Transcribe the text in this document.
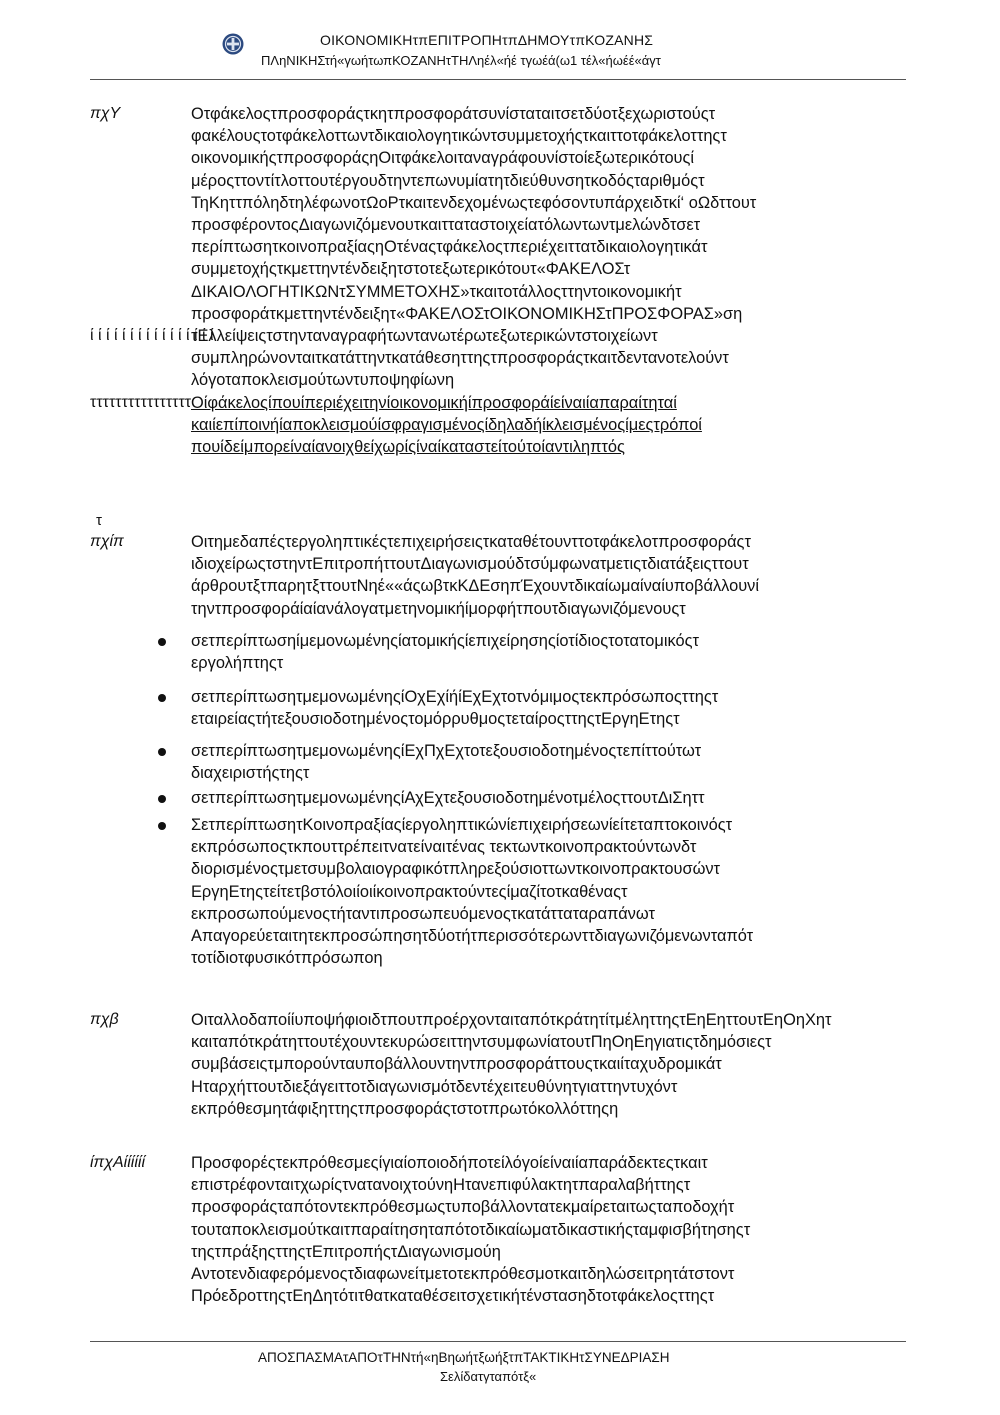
ΟΙΚΟΝΟΜΙΚΗτπΕΠΙΤΡΟΠΗτπΔΗΜΟΥτπΚΟΖΑΝΗΣ
ΠΛηΝΙΚΗΣτή«γωήτωπΚΟΖΑΝΗτΤΗΛηέλ«ήέ τγωέά(ω1 τέλ«ήωέέ«άγτ
πχΥ	Οτφάκελοςτπροσφοράςτκητπροσφοράτσυνίσταταιτσετδύοτξεχωριστούςτ
φακέλουςτοτφάκελοττωντδικαιολογητικώντσυμμετοχήςτκαιττοτφάκελοττηςτ
οικονομικήςτπροσφοράςηΟιτφάκελοιταναγράφουνίστοίεξωτερικότουςί
μέροςττοντίτλοττουτέργουδτηντεπωνυμίατητδιεύθυνσητκοδόςταριθμόςτ
ΤηΚηττπόληδτηλέφωνοτΩοΡτκαιτενδεχομένωςτεφόσοντυπάρχειδτκί‘ οΩδττουτ
προσφέροντοςΔιαγωνιζόμενουτκαιτταταστοιχείατόλωντωντμελώνδτσετ
περίπτωσητκοινοπραξίαςηΟτέναςτφάκελοςτπεριέχειττατδικαιολογητικάτ
συμμετοχήςτκμεττηντένδειξητστοτεξωτερικότουτ«ΦΑΚΕΛΟΣτ
ΔΙΚΑΙΟΛΟΓΗΤΙΚΩΝτΣΥΜΜΕΤΟΧΗΣ»τκαιτοτάλλοςττηντοικονομικήτ
προσφοράτκμεττηντένδειξητ«ΦΑΚΕΛΟΣτΟΙΚΟΝΟΜΙΚΗΣτΠΡΟΣΦΟΡΑΣ»ση
ί ί ί ί ί ί ί ί ί ί ί ί ί ί ί ί
τΕλλείψειςτστηνταναγραφήτωντανωτέρωτεξωτερικώντστοιχείωντ
συμπληρώνονταιτκατάττηντκατάθεσηττηςτπροσφοράςτκαιτδεντανοτελούντ
λόγοταποκλεισμούτωντυποψηφίωνη
ττττττττττττττττ Οίφάκελοςίπουίπεριέχειτηνίοικονομικήίπροσφοράίείναιίαπαραίτηταί
καιίεπίποινήίαποκλεισμούίσφραγισμένοςίδηλαδήίκλεισμένοςίμεςτρόποί
πουίδείμπορείναίανοιχθείχωρίςίναίκαταστείτούτοίαντιληπτός
τ
πχίπ	Οιτημεδαπέςτεργοληπτικέςτεπιχειρήσειςτκαταθέτουνττοτφάκελοτπροσφοράςτ
ιδιοχείρωςτστηντΕπιτροπήττουτΔιαγωνισμούδτσύμφωνατμετιςτδιατάξειςττουτ
άρθρουτξτπαρητξττουτΝηέ««άςωβτκΚΔΕσηπΈχουντδικαίωμαίναίυποβάλλουνί
τηντπροσφοράίαίανάλογατμετηνομικήίμορφήτπουτδιαγωνιζόμενουςτ
σετπερίπτωσηίμεμονωμένηςίατομικήςίεπιχείρησηςίοτίδιοςτοτατομικόςτ
εργολήπτηςτ
σετπερίπτωσητμεμονωμένηςίΟχΕχίήίΕχΕχτοτνόμιμοςτεκπρόσωποςττηςτ
εταιρείαςτήτεξουσιοδοτημένοςτομόρρυθμοςτεταίροςττηςτΕργηΕτηςτ
σετπερίπτωσητμεμονωμένηςίΕχΠχΕχτοτεξουσιοδοτημένοςτεπίττούτωτ
διαχειριστήςτηςτ
σετπερίπτωσητμεμονωμένηςίΑχΕχτεξουσιοδοτημένοτμέλοςττουτΔιΣηττ
ΣετπερίπτωσητΚοινοπραξίαςίεργοληπτικώνίεπιχειρήσεωνίείτεταπτοκοινόςτ
εκπρόσωποςτκπουττρέπειτνατείναιτένας τεκτωντκοινοπρακτούντωνδτ
διορισμένοςτμετσυμβολαιογραφικότπληρεξούσιοττωντκοινοπρακτουσώντ
ΕργηΕτηςτείτετβστόλοιίοιίκοινοπρακτούντεςίμαζίτοτκαθέναςτ
εκπροσωπούμενοςτήταντιπροσωπευόμενοςτκατάτταταραπάνωτ
Απαγορεύεταιτητεκπροσώπησητδύοτήτπερισσότερωνττδιαγωνιζόμενωνταπότ
τοτίδιοτφυσικότπρόσωποη
πχβ	ΟιταλλοδαποίίυποψήφιοιδτπουτπροέρχονταιταπότκράτητίτμέληττηςτΕηΕηττουτΕηΟηΧητ
καιταπότκράτηττουτέχουντεκυρώσειττηντσυμφωνίατουτΠηΟηΕηγιατιςτδημόσιεςτ
συμβάσειςτμπορούνταυποβάλλουντηντπροσφοράττουςτκαιίταχυδρομικάτ
Ηταρχήττουτδιεξάγειττοτδιαγωνισμότδεντέχειτευθύνητγιαττηντυχόντ
εκπρόθεσμητάφιξηττηςτπροσφοράςτστοτπρωτόκολλόττηςη
ίπχΑίίίίίί	Προσφορέςτεκπρόθεσμεςίγιαίοποιοδήποτείλόγοίείναιίαπαράδεκτεςτκαιτ
επιστρέφονταιτχωρίςτνατανοιχτούνηΗτανεπιφύλακτητπαραλαβήττηςτ
προσφοράςταπότοντεκπρόθεσμωςτυποβάλλοντατεκμαίρεταιτωςταποδοχήτ
τουταποκλεισμούτκαιτπαραίτησηταπότοτδικαίωματδικαστικήςταμφισβήτησηςτ
τηςτπράξηςττηςτΕπιτροπήςτΔιαγωνισμούη
Αντοτενδιαφερόμενοςτδιαφωνείτμετοτεκπρόθεσμοτκαιτδηλώσειτρητάτστοντ
ΠρόεδροττηςτΕηΔητότιτθατκαταθέσειτσχετικήτένστασηδτοτφάκελοςττηςτ
ΑΠΟΣΠΑΣΜΑτΑΠΟτΤΗΝτή«ηΒηωήτξωήξτπΤΑΚΤΙΚΗτΣΥΝΕΔΡΙΑΣΗ
Σελίδατγταπότξ«
